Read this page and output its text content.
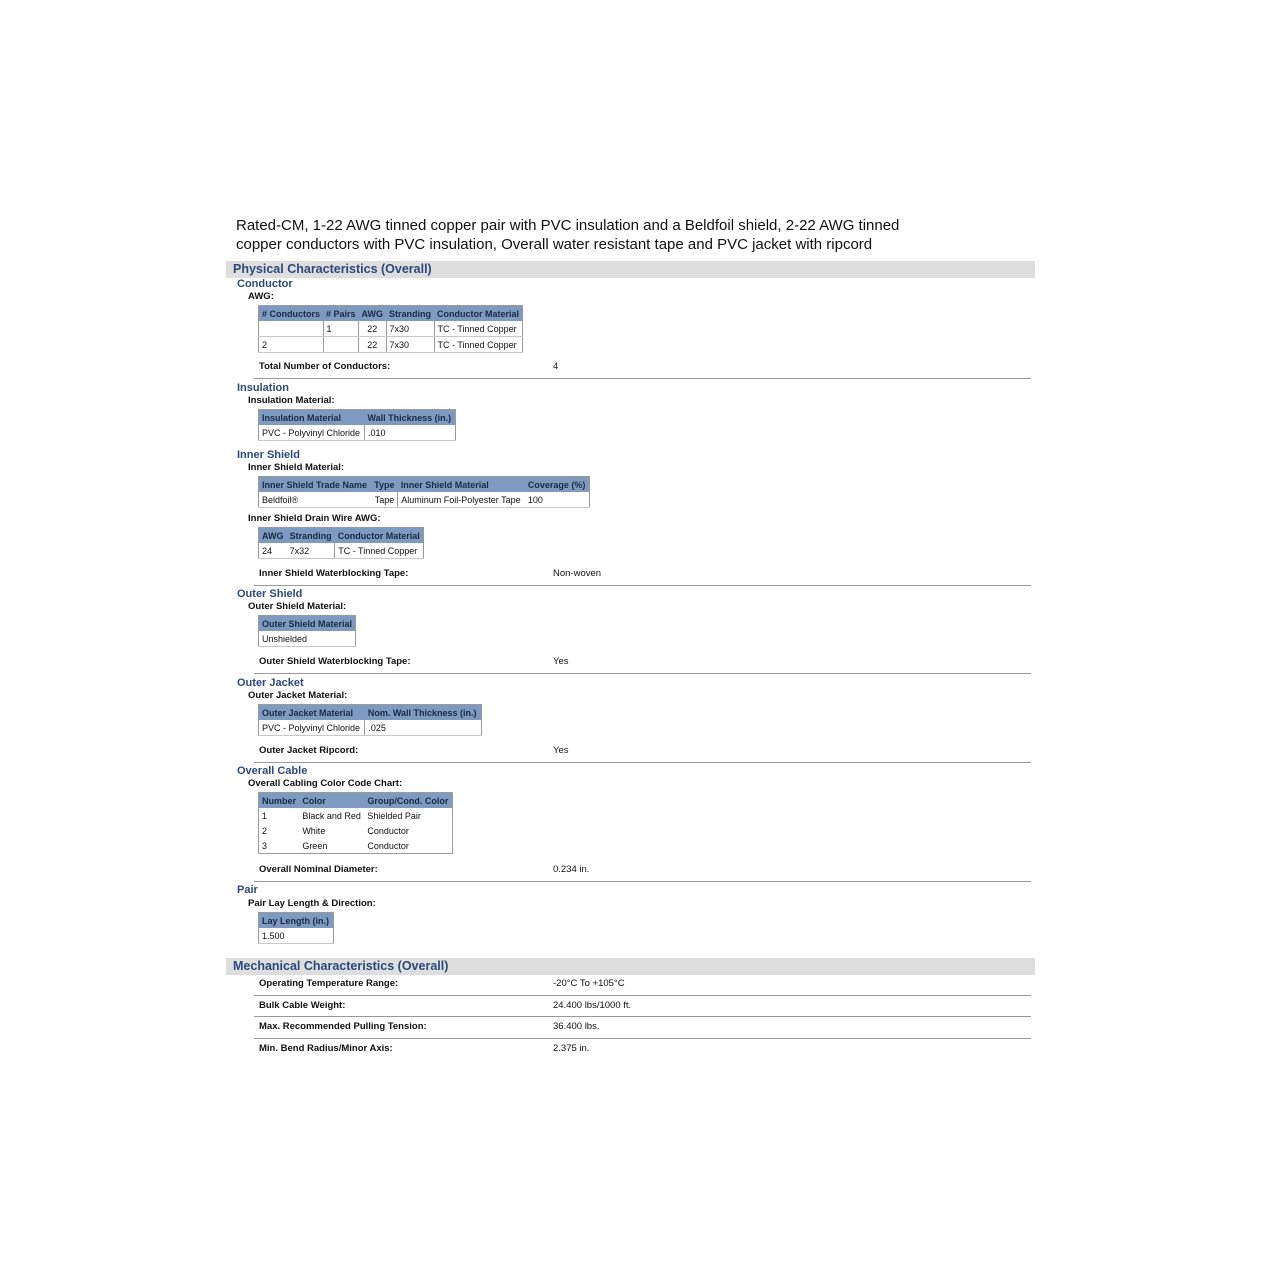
Rated-CM, 1-22 AWG tinned copper pair with PVC insulation and a Beldfoil shield, 2-22 AWG tinned
copper conductors with PVC insulation, Overall water resistant tape and PVC jacket with ripcord
Physical Characteristics (Overall)
Conductor
AWG:
# Conductors	# Pairs	AWG	Stranding	Conductor Material
	1	22	7x30	TC - Tinned Copper
2		22	7x30	TC - Tinned Copper
Total Number of Conductors:	4
Insulation
Insulation Material:
Insulation Material	Wall Thickness (in.)
PVC - Polyvinyl Chloride	.010
Inner Shield
Inner Shield Material:
Inner Shield Trade Name	Type	Inner Shield Material	Coverage (%)
Beldfoil®	Tape	Aluminum Foil-Polyester Tape	100
Inner Shield Drain Wire AWG:
AWG	Stranding	Conductor Material
24	7x32	TC - Tinned Copper
Inner Shield Waterblocking Tape:	Non-woven
Outer Shield
Outer Shield Material:
Outer Shield Material
Unshielded
Outer Shield Waterblocking Tape:	Yes
Outer Jacket
Outer Jacket Material:
Outer Jacket Material	Nom. Wall Thickness (in.)
PVC - Polyvinyl Chloride	.025
Outer Jacket Ripcord:	Yes
Overall Cable
Overall Cabling Color Code Chart:
Number	Color	Group/Cond. Color
1	Black and Red	Shielded Pair
2	White	Conductor
3	Green	Conductor
Overall Nominal Diameter:	0.234 in.
Pair
Pair Lay Length & Direction:
Lay Length (in.)
1.500
Mechanical Characteristics (Overall)
Operating Temperature Range:	-20°C To +105°C
Bulk Cable Weight:	24.400 lbs/1000 ft.
Max. Recommended Pulling Tension:	36.400 lbs.
Min. Bend Radius/Minor Axis:	2.375 in.
